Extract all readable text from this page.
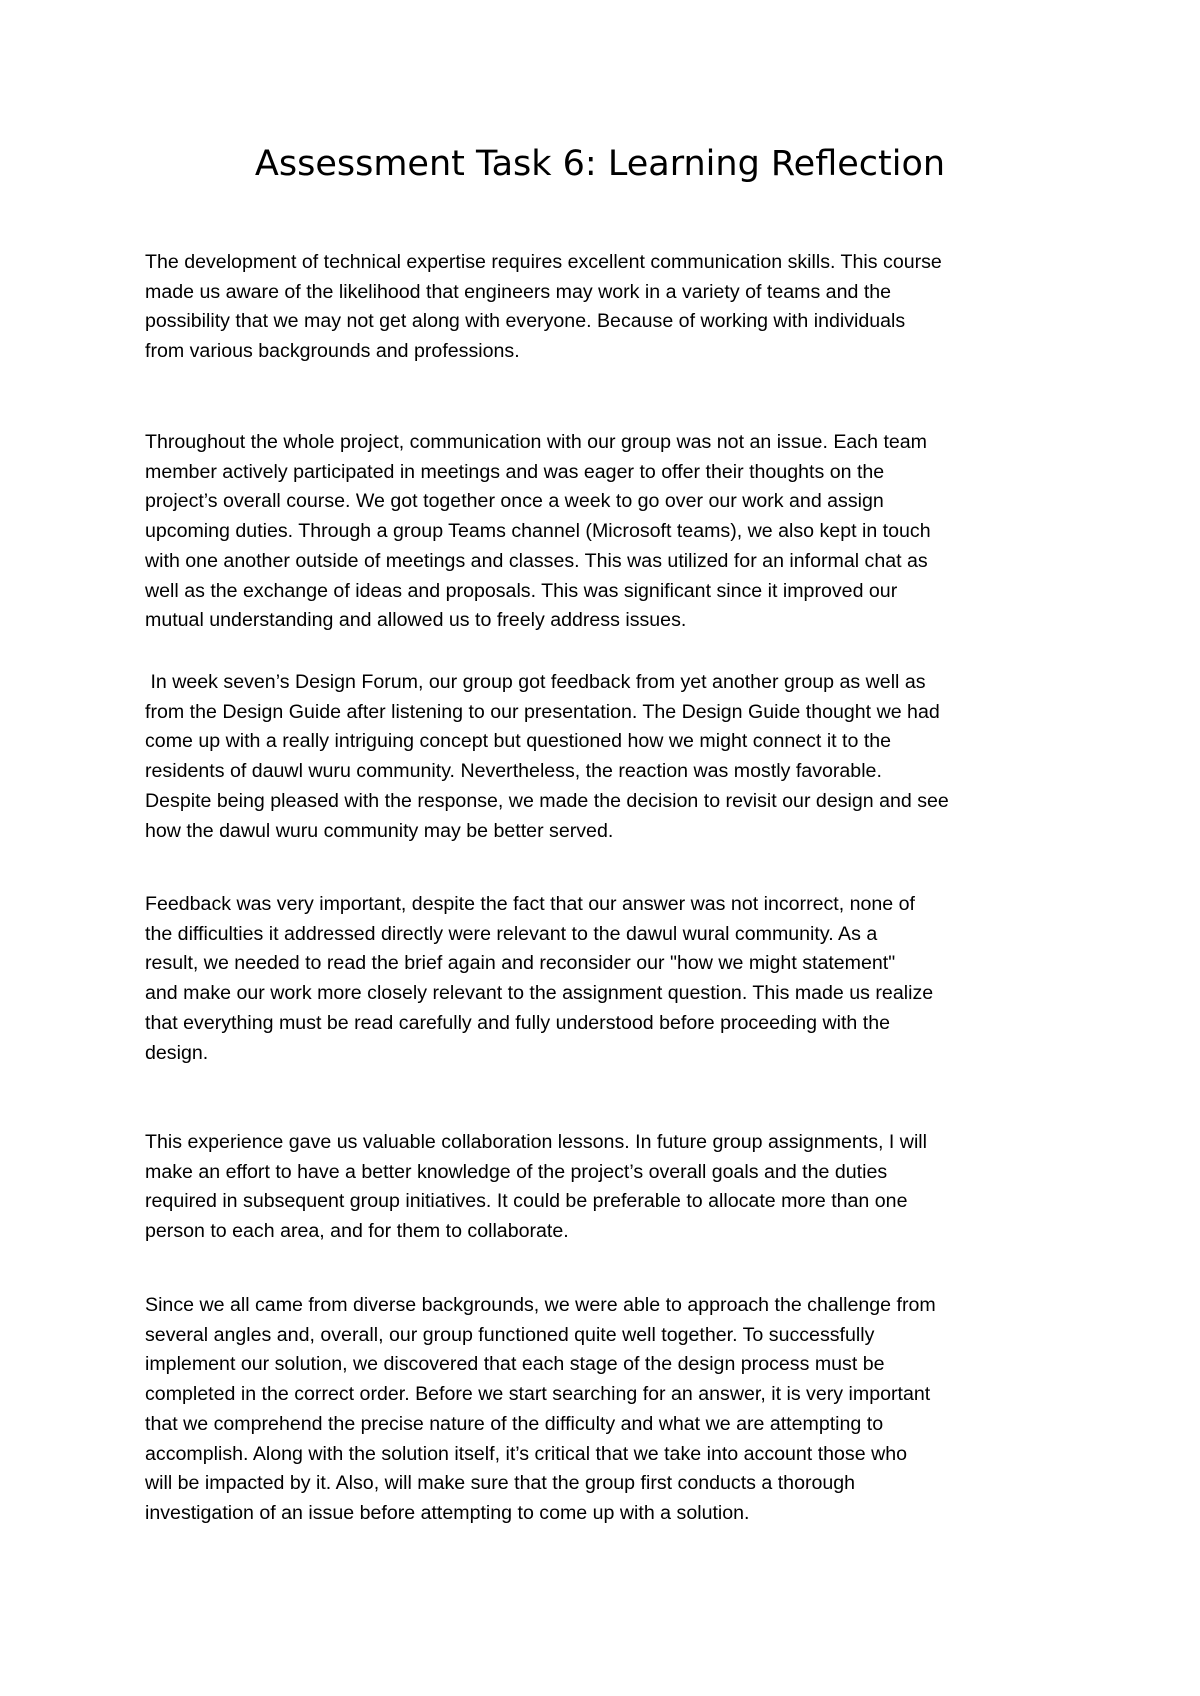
Assessment Task 6: Learning Reflection

The development of technical expertise requires excellent communication skills. This course
made us aware of the likelihood that engineers may work in a variety of teams and the
possibility that we may not get along with everyone. Because of working with individuals
from various backgrounds and professions.

Throughout the whole project, communication with our group was not an issue. Each team
member actively participated in meetings and was eager to offer their thoughts on the
project’s overall course. We got together once a week to go over our work and assign
upcoming duties. Through a group Teams channel (Microsoft teams), we also kept in touch
with one another outside of meetings and classes. This was utilized for an informal chat as
well as the exchange of ideas and proposals. This was significant since it improved our
mutual understanding and allowed us to freely address issues.

In week seven’s Design Forum, our group got feedback from yet another group as well as
from the Design Guide after listening to our presentation. The Design Guide thought we had
come up with a really intriguing concept but questioned how we might connect it to the
residents of dauwl wuru community. Nevertheless, the reaction was mostly favorable.
Despite being pleased with the response, we made the decision to revisit our design and see
how the dawul wuru community may be better served.

Feedback was very important, despite the fact that our answer was not incorrect, none of
the difficulties it addressed directly were relevant to the dawul wural community. As a
result, we needed to read the brief again and reconsider our "how we might statement"
and make our work more closely relevant to the assignment question. This made us realize
that everything must be read carefully and fully understood before proceeding with the
design.

This experience gave us valuable collaboration lessons. In future group assignments, I will
make an effort to have a better knowledge of the project’s overall goals and the duties
required in subsequent group initiatives. It could be preferable to allocate more than one
person to each area, and for them to collaborate.

Since we all came from diverse backgrounds, we were able to approach the challenge from
several angles and, overall, our group functioned quite well together. To successfully
implement our solution, we discovered that each stage of the design process must be
completed in the correct order. Before we start searching for an answer, it is very important
that we comprehend the precise nature of the difficulty and what we are attempting to
accomplish. Along with the solution itself, it’s critical that we take into account those who
will be impacted by it. Also, will make sure that the group first conducts a thorough
investigation of an issue before attempting to come up with a solution.
